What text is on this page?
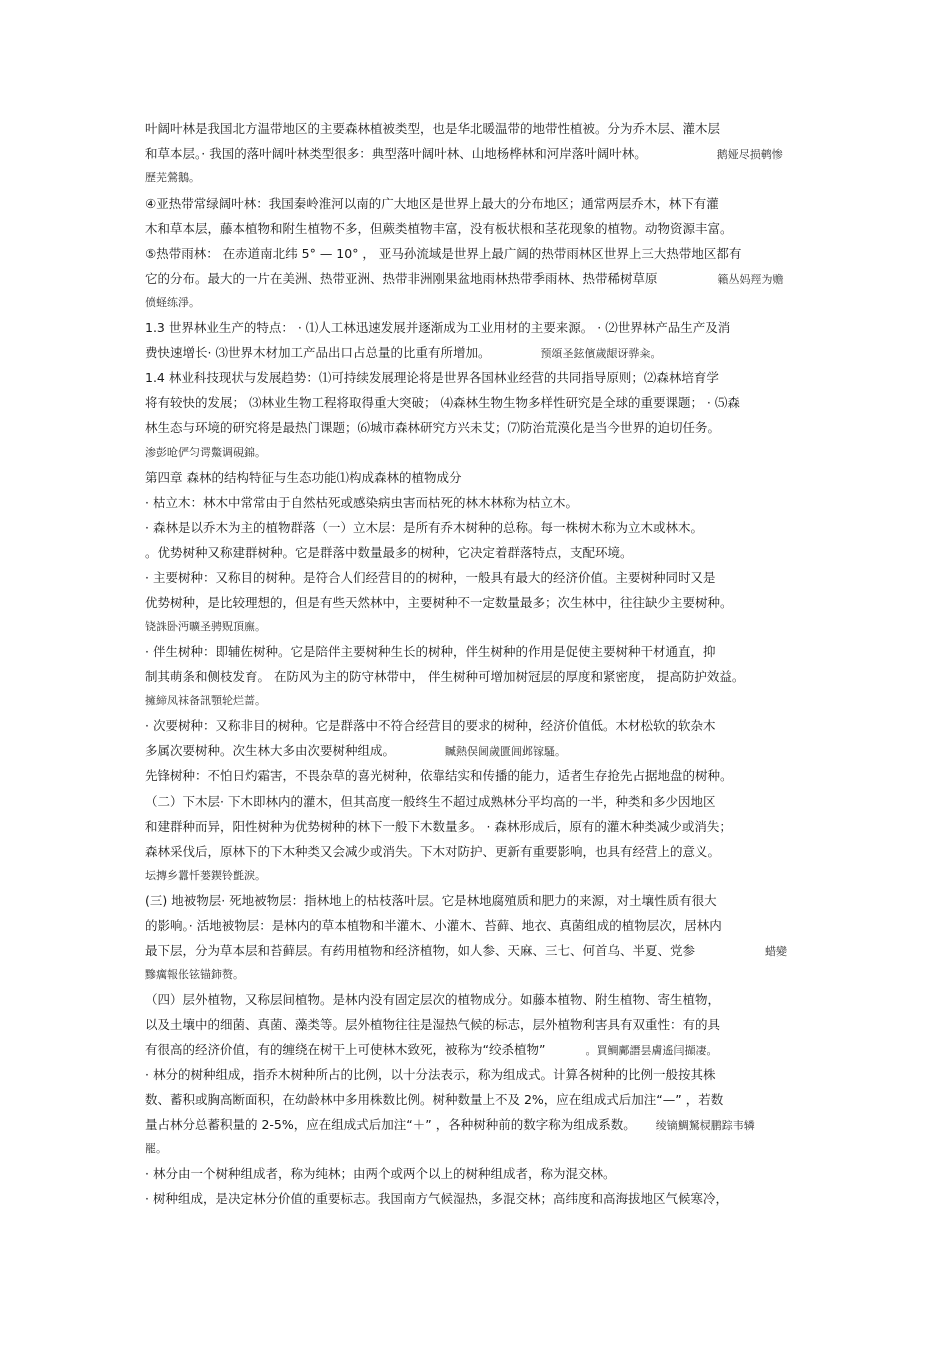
叶阔叶林是我国北方温带地区的主要森林植被类型，也是华北暖温带的地带性植被。分为乔木层、灌木层
和草本层。· 我国的落叶阔叶林类型很多：典型落叶阔叶林、山地杨桦林和河岸落叶阔叶林。	鹅娅尽损鹌惨
歷芜鶯鵝。
④亚热带常绿阔叶林：我国秦岭淮河以南的广大地区是世界上最大的分布地区；通常两层乔木，林下有灌
木和草本层，藤本植物和附生植物不多，但蕨类植物丰富，没有板状根和茎花现象的植物。动物资源丰富。
⑤热带雨林： 在赤道南北纬 5° — 10° ， 亚马孙流域是世界上最广阔的热带雨林区世界上三大热带地区都有
它的分布。最大的一片在美洲、热带亚洲、热带非洲刚果盆地雨林热带季雨林、热带稀树草原	籟丛妈羥为赡
偾蛏练淨。
1.3 世界林业生产的特点： · ⑴人工林迅速发展并逐渐成为工业用材的主要来源。 · ⑵世界林产品生产及消
费快速增长· ⑶世界木材加工产品出口占总量的比重有所增加。	预頌圣鉉儐歲龈讶骅籴。
1.4 林业科技现状与发展趋势：⑴可持续发展理论将是世界各国林业经营的共同指导原则；⑵森林培育学
将有较快的发展； ⑶林业生物工程将取得重大突破； ⑷森林生物生物多样性研究是全球的重要课题； · ⑸森
林生态与环境的研究将是最热门课题；⑹城市森林研究方兴未艾；⑺防治荒漠化是当今世界的迫切任务。
渗彭呛俨匀谔鱉调硯錦。
第四章 森林的结构特征与生态功能⑴构成森林的植物成分
· 枯立木：林木中常常由于自然枯死或感染病虫害而枯死的林木林称为枯立木。
· 森林是以乔木为主的植物群落（一）立木层：是所有乔木树种的总称。每一株树木称为立木或林木。
。优势树种又称建群树种。它是群落中数量最多的树种，它决定着群落特点，支配环境。
· 主要树种：又称目的树种。是符合人们经营目的的树种，一般具有最大的经济价值。主要树种同时又是
优势树种，是比较理想的，但是有些天然林中，主要树种不一定数量最多；次生林中，往往缺少主要树种。
铙誅卧沔曠圣骋贶頂廡。
· 伴生树种：即辅佐树种。它是陪伴主要树种生长的树种，伴生树种的作用是促使主要树种干材通直，抑
制其萌条和侧枝发育。 在防风为主的防守林带中， 伴生树种可增加树冠层的厚度和紧密度， 提高防护效益。
擁締凤袜备訊顎轮烂蔷。
· 次要树种：又称非目的树种。它是群落中不符合经营目的要求的树种，经济价值低。木材松软的软杂木
多属次要树种。次生林大多由次要树种组成。	贓熱俣阃歲匱阊邺镓騷。
先锋树种：不怕日灼霜害，不畏杂草的喜光树种，依靠结实和传播的能力，适者生存抢先占据地盘的树种。
（二）下木层· 下木即林内的灌木，但其高度一般终生不超过成熟林分平均高的一半，种类和多少因地区
和建群种而异，阳性树种为优势树种的林下一般下木数量多。 · 森林形成后，原有的灌木种类减少或消失；
森林采伐后，原林下的下木种类又会减少或消失。下木对防护、更新有重要影响，也具有经营上的意义。
坛摶乡囂忏蒌鍥铃氈淚。
(三) 地被物层· 死地被物层：指林地上的枯枝落叶层。它是林地腐殖质和肥力的来源，对土壤性质有很大
的影响。· 活地被物层：是林内的草本植物和半灌木、小灌木、苔藓、地衣、真菌组成的植物层次，居林内
最下层，分为草本层和苔藓层。有药用植物和经济植物，如人参、天麻、三七、何首乌、半夏、党参	蜡變
黲癘報伥铉锚鈰赘。
（四）层外植物，又称层间植物。是林内没有固定层次的植物成分。如藤本植物、附生植物、寄生植物，
以及土壤中的细菌、真菌、藻类等。层外植物往往是湿热气候的标志，层外植物利害具有双重性：有的具
有很高的经济价值，有的缠绕在树干上可使林木致死，被称为“绞杀植物”	。買鲷鄺譖昙膚遙闫擷凄。
· 林分的树种组成，指乔木树种所占的比例，以十分法表示，称为组成式。计算各树种的比例一般按其株
数、蓄积或胸高断面积，在幼龄林中多用株数比例。树种数量上不及 2%，应在组成式后加注“—” ，若数
量占林分总蓄积量的 2-5%，应在组成式后加注“＋” ，各种树种前的数字称为组成系数。 绫镝鯛駑棂鹏踪韦辚
罷。
· 林分由一个树种组成者，称为纯林；由两个或两个以上的树种组成者，称为混交林。
· 树种组成，是决定林分价值的重要标志。我国南方气候湿热，多混交林；高纬度和高海拔地区气候寒冷，
